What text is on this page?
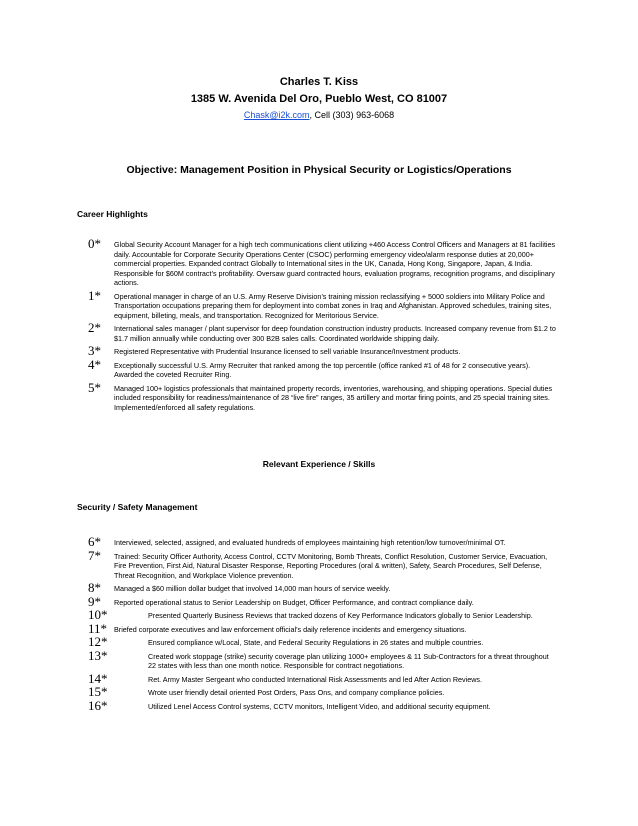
Charles T. Kiss
1385 W. Avenida Del Oro, Pueblo West, CO 81007
Chask@i2k.com, Cell (303) 963-6068
Objective: Management Position in Physical Security or Logistics/Operations
Career Highlights
0*	Global Security Account Manager for a high tech communications client utilizing +460 Access Control Officers and Managers at 81 facilities daily. Accountable for Corporate Security Operations Center (CSOC) performing emergency video/alarm response duties at 20,000+ commercial properties. Expanded contract Globally to International sites in the UK, Canada, Hong Kong, Singapore, Japan, & India. Responsible for $60M contract’s profitability. Oversaw guard contracted hours, evaluation programs, recognition programs, and disciplinary actions.
1*	Operational manager in charge of an U.S. Army Reserve Division’s training mission reclassifying + 5000 soldiers into Military Police and Transportation occupations preparing them for deployment into combat zones in Iraq and Afghanistan. Approved schedules, training sites, equipment, billeting, meals, and transportation. Recognized for Meritorious Service.
2*	International sales manager / plant supervisor for deep foundation construction industry products. Increased company revenue from $1.2 to $1.7 million annually while conducting over 300 B2B sales calls. Coordinated worldwide shipping daily.
3*	Registered Representative with Prudential Insurance licensed to sell variable Insurance/Investment products.
4*	Exceptionally successful U.S. Army Recruiter that ranked among the top percentile (office ranked #1 of 48 for 2 consecutive years). Awarded the coveted Recruiter Ring.
5*	Managed 100+ logistics professionals that maintained property records, inventories, warehousing, and shipping operations. Special duties included responsibility for readiness/maintenance of 28 “live fire” ranges, 35 artillery and mortar firing points, and 25 special training sites. Implemented/enforced all safety regulations.
Relevant Experience / Skills
Security / Safety Management
6*	Interviewed, selected, assigned, and evaluated hundreds of employees maintaining high retention/low turnover/minimal OT.
7*	Trained: Security Officer Authority, Access Control, CCTV Monitoring, Bomb Threats, Conflict Resolution, Customer Service, Evacuation, Fire Prevention, First Aid, Natural Disaster Response, Reporting Procedures (oral & written), Safety, Search Procedures, Self Defense, Threat Recognition, and Workplace Violence prevention.
8*	Managed a $60 million dollar budget that involved 14,000 man hours of service weekly.
9*	Reported operational status to Senior Leadership on Budget, Officer Performance, and contract compliance daily.
10*	Presented Quarterly Business Reviews that tracked dozens of Key Performance Indicators globally to Senior Leadership.
11* Briefed corporate executives and law enforcement official’s daily reference incidents and emergency situations.
12*	Ensured compliance w/Local, State, and Federal Security Regulations in 26 states and multiple countries.
13*	Created work stoppage (strike) security coverage plan utilizing 1000+ employees & 11 Sub-Contractors for a threat throughout 22 states with less than one month notice. Responsible for contract negotiations.
14*	Ret. Army Master Sergeant who conducted International Risk Assessments and led After Action Reviews.
15*	Wrote user friendly detail oriented Post Orders, Pass Ons, and company compliance policies.
16*	Utilized Lenel Access Control systems, CCTV monitors, Intelligent Video, and additional security equipment.
